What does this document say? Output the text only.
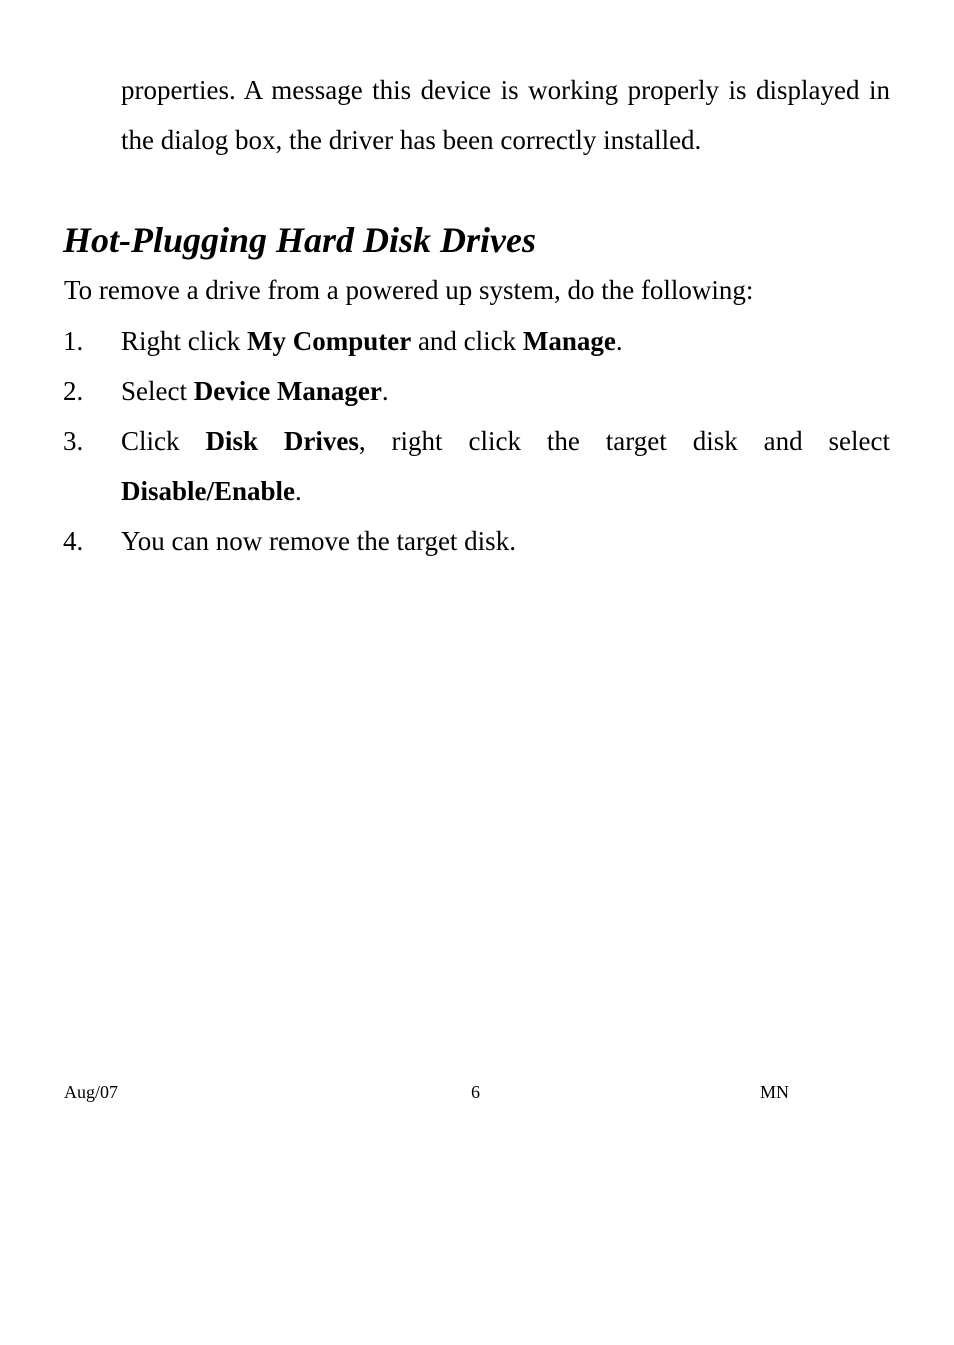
properties. A message this device is working properly is displayed in the dialog box, the driver has been correctly installed.

Hot-Plugging Hard Disk Drives

To remove a drive from a powered up system, do the following:

1. Right click My Computer and click Manage.
2. Select Device Manager.
3. Click Disk Drives, right click the target disk and select Disable/Enable.
4. You can now remove the target disk.
Aug/07	6	MN
